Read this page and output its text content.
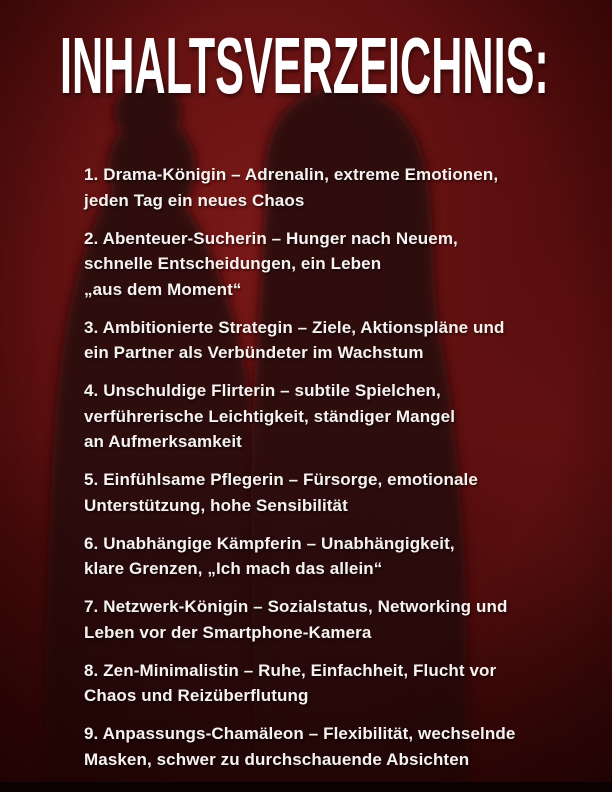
INHALTSVERZEICHNIS:
1. Drama-Königin – Adrenalin, extreme Emotionen,
jeden Tag ein neues Chaos
2. Abenteuer-Sucherin – Hunger nach Neuem,
schnelle Entscheidungen, ein Leben
„aus dem Moment“
3. Ambitionierte Strategin – Ziele, Aktionspläne und
ein Partner als Verbündeter im Wachstum
4. Unschuldige Flirterin – subtile Spielchen,
verführerische Leichtigkeit, ständiger Mangel
an Aufmerksamkeit
5. Einfühlsame Pflegerin – Fürsorge, emotionale
Unterstützung, hohe Sensibilität
6. Unabhängige Kämpferin – Unabhängigkeit,
klare Grenzen, „Ich mach das allein“
7. Netzwerk-Königin – Sozialstatus, Networking und
Leben vor der Smartphone-Kamera
8. Zen-Minimalistin – Ruhe, Einfachheit, Flucht vor
Chaos und Reizüberflutung
9. Anpassungs-Chamäleon – Flexibilität, wechselnde
Masken, schwer zu durchschauende Absichten
